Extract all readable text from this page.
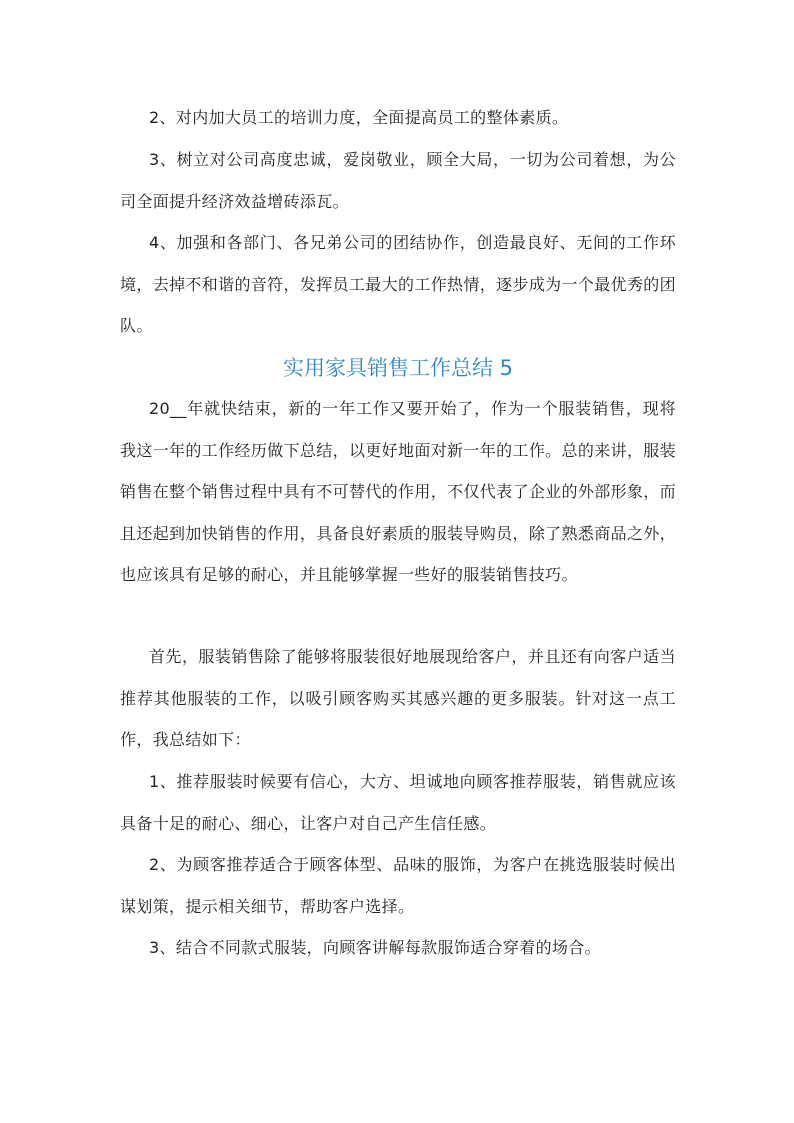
2、对内加大员工的培训力度，全面提高员工的整体素质。

3、树立对公司高度忠诚，爱岗敬业，顾全大局，一切为公司着想，为公司全面提升经济效益增砖添瓦。

4、加强和各部门、各兄弟公司的团结协作，创造最良好、无间的工作环境，去掉不和谐的音符，发挥员工最大的工作热情，逐步成为一个最优秀的团队。

实用家具销售工作总结 5

20__年就快结束，新的一年工作又要开始了，作为一个服装销售，现将我这一年的工作经历做下总结，以更好地面对新一年的工作。总的来讲，服装销售在整个销售过程中具有不可替代的作用，不仅代表了企业的外部形象，而且还起到加快销售的作用，具备良好素质的服装导购员，除了熟悉商品之外，也应该具有足够的耐心，并且能够掌握一些好的服装销售技巧。

首先，服装销售除了能够将服装很好地展现给客户，并且还有向客户适当推荐其他服装的工作，以吸引顾客购买其感兴趣的更多服装。针对这一点工作，我总结如下：

1、推荐服装时候要有信心，大方、坦诚地向顾客推荐服装，销售就应该具备十足的耐心、细心，让客户对自己产生信任感。

2、为顾客推荐适合于顾客体型、品味的服饰，为客户在挑选服装时候出谋划策，提示相关细节，帮助客户选择。

3、结合不同款式服装，向顾客讲解每款服饰适合穿着的场合。
